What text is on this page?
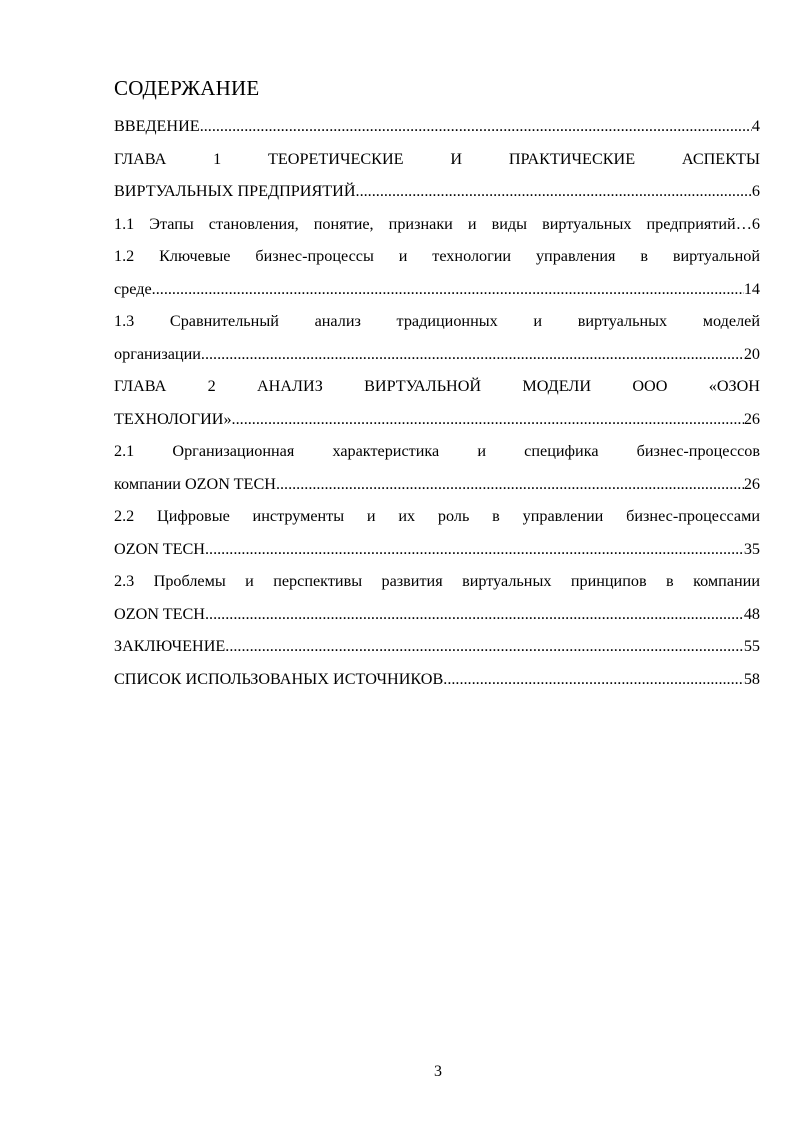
СОДЕРЖАНИЕ
ВВЕДЕНИЕ .....	4
ГЛАВА 1 ТЕОРЕТИЧЕСКИЕ И ПРАКТИЧЕСКИЕ АСПЕКТЫ
ВИРТУАЛЬНЫХ ПРЕДПРИЯТИЙ .....	6
1.1 Этапы становления, понятие, признаки и виды виртуальных предприятий…6
1.2 Ключевые бизнес-процессы и технологии управления в виртуальной
среде .....	14
1.3 Сравнительный анализ традиционных и виртуальных моделей
организации .....	20
ГЛАВА 2 АНАЛИЗ ВИРТУАЛЬНОЙ МОДЕЛИ ООО «ОЗОН
ТЕХНОЛОГИИ» .....	26
2.1 Организационная характеристика и специфика бизнес-процессов
компании OZON TECH .....	26
2.2 Цифровые инструменты и их роль в управлении бизнес-процессами
OZON TECH .....	35
2.3 Проблемы и перспективы развития виртуальных принципов в компании
OZON TECH .....	48
ЗАКЛЮЧЕНИЕ .....	55
СПИСОК ИСПОЛЬЗОВАНЫХ ИСТОЧНИКОВ .....	58
3
